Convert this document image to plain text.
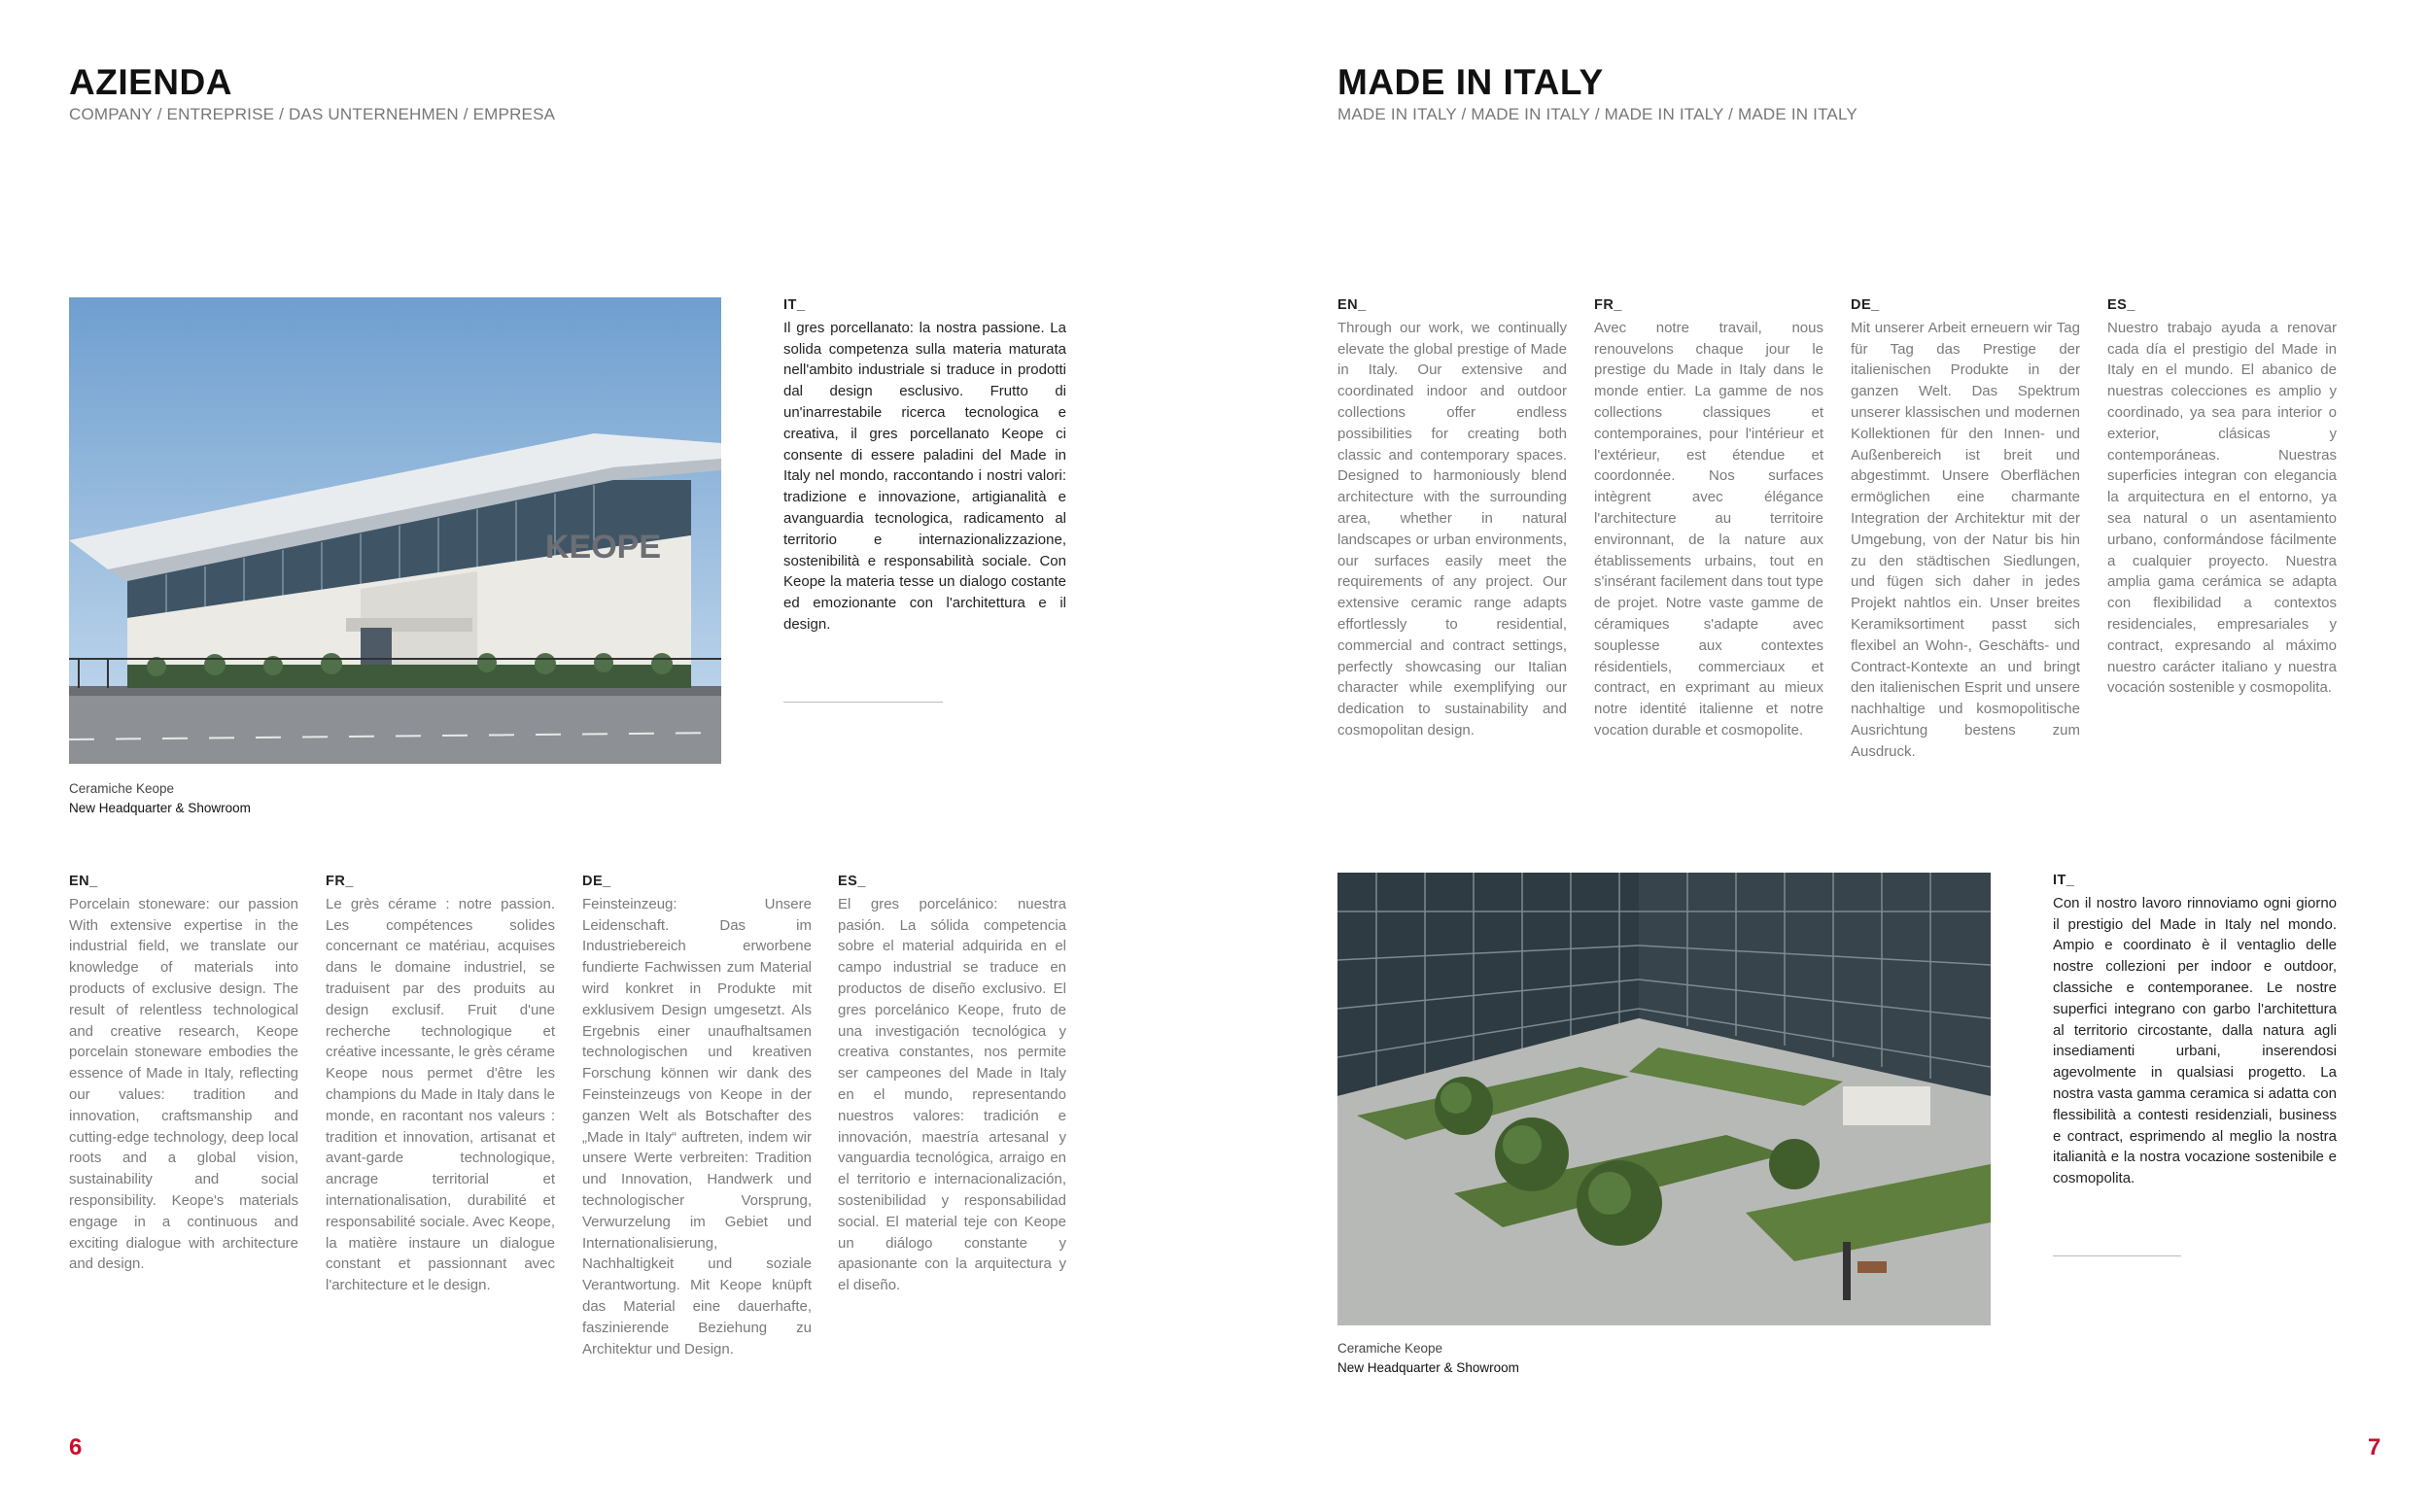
AZIENDA
COMPANY / ENTREPRISE / DAS UNTERNEHMEN / EMPRESA
KEOPE
Ceramiche Keope
New Headquarter & Showroom
IT_

Il gres porcellanato: la nostra passione. La solida competenza sulla materia maturata nell'ambito industriale si traduce in prodotti dal design esclusivo. Frutto di un'inarrestabile ricerca tecnologica e creativa, il gres porcellanato Keope ci consente di essere paladini del Made in Italy nel mondo, raccontando i nostri valori: tradizione e innovazione, artigianalità e avanguardia tecnologica, radicamento al territorio e internazionalizzazione, sostenibilità e responsabilità sociale. Con Keope la materia tesse un dialogo costante ed emozionante con l'architettura e il design.

EN_

Porcelain stoneware: our passion With extensive expertise in the industrial field, we translate our knowledge of materials into products of exclusive design. The result of relentless technological and creative research, Keope porcelain stoneware embodies the essence of Made in Italy, reflecting our values: tradition and innovation, craftsmanship and cutting-edge technology, deep local roots and a global vision, sustainability and social responsibility. Keope's materials engage in a continuous and exciting dialogue with architecture and design.

FR_

Le grès cérame : notre passion. Les compétences solides concernant ce matériau, acquises dans le domaine industriel, se traduisent par des produits au design exclusif. Fruit d'une recherche technologique et créative incessante, le grès cérame Keope nous permet d'être les champions du Made in Italy dans le monde, en racontant nos valeurs : tradition et innovation, artisanat et avant-garde technologique, ancrage territorial et internationalisation, durabilité et responsabilité sociale. Avec Keope, la matière instaure un dialogue constant et passionnant avec l'architecture et le design.

DE_

Feinsteinzeug: Unsere Leidenschaft. Das im Industriebereich erworbene fundierte Fachwissen zum Material wird konkret in Produkte mit exklusivem Design umgesetzt. Als Ergebnis einer unaufhaltsamen technologischen und kreativen Forschung können wir dank des Feinsteinzeugs von Keope in der ganzen Welt als Botschafter des „Made in Italy“ auftreten, indem wir unsere Werte verbreiten: Tradition und Innovation, Handwerk und technologischer Vorsprung, Verwurzelung im Gebiet und Internationalisierung, Nachhaltigkeit und soziale Verantwortung. Mit Keope knüpft das Material eine dauerhafte, faszinierende Beziehung zu Architektur und Design.

ES_

El gres porcelánico: nuestra pasión. La sólida competencia sobre el material adquirida en el campo industrial se traduce en productos de diseño exclusivo. El gres porcelánico Keope, fruto de una investigación tecnológica y creativa constantes, nos permite ser campeones del Made in Italy en el mundo, representando nuestros valores: tradición e innovación, maestría artesanal y vanguardia tecnológica, arraigo en el territorio e internacionalización, sostenibilidad y responsabilidad social. El material teje con Keope un diálogo constante y apasionante con la arquitectura y el diseño.

6
MADE IN ITALY
MADE IN ITALY / MADE IN ITALY / MADE IN ITALY / MADE IN ITALY
EN_

Through our work, we continually elevate the global prestige of Made in Italy. Our extensive and coordinated indoor and outdoor collections offer endless possibilities for creating both classic and contemporary spaces. Designed to harmoniously blend architecture with the surrounding area, whether in natural landscapes or urban environments, our surfaces easily meet the requirements of any project. Our extensive ceramic range adapts effortlessly to residential, commercial and contract settings, perfectly showcasing our Italian character while exemplifying our dedication to sustainability and cosmopolitan design.

FR_

Avec notre travail, nous renouvelons chaque jour le prestige du Made in Italy dans le monde entier. La gamme de nos collections classiques et contemporaines, pour l'intérieur et l'extérieur, est étendue et coordonnée. Nos surfaces intègrent avec élégance l'architecture au territoire environnant, de la nature aux établissements urbains, tout en s'insérant facilement dans tout type de projet. Notre vaste gamme de céramiques s'adapte avec souplesse aux contextes résidentiels, commerciaux et contract, en exprimant au mieux notre identité italienne et notre vocation durable et cosmopolite.

DE_

Mit unserer Arbeit erneuern wir Tag für Tag das Prestige der italienischen Produkte in der ganzen Welt. Das Spektrum unserer klassischen und modernen Kollektionen für den Innen- und Außenbereich ist breit und abgestimmt. Unsere Oberflächen ermöglichen eine charmante Integration der Architektur mit der Umgebung, von der Natur bis hin zu den städtischen Siedlungen, und fügen sich daher in jedes Projekt nahtlos ein. Unser breites Keramiksortiment passt sich flexibel an Wohn-, Geschäfts- und Contract-Kontexte an und bringt den italienischen Esprit und unsere nachhaltige und kosmopolitische Ausrichtung bestens zum Ausdruck.

ES_

Nuestro trabajo ayuda a renovar cada día el prestigio del Made in Italy en el mundo. El abanico de nuestras colecciones es amplio y coordinado, ya sea para interior o exterior, clásicas y contemporáneas. Nuestras superficies integran con elegancia la arquitectura en el entorno, ya sea natural o un asentamiento urbano, conformándose fácilmente a cualquier proyecto. Nuestra amplia gama cerámica se adapta con flexibilidad a contextos residenciales, empresariales y contract, expresando al máximo nuestro carácter italiano y nuestra vocación sostenible y cosmopolita.

Ceramiche Keope
New Headquarter & Showroom
IT_

Con il nostro lavoro rinnoviamo ogni giorno il prestigio del Made in Italy nel mondo. Ampio e coordinato è il ventaglio delle nostre collezioni per indoor e outdoor, classiche e contemporanee. Le nostre superfici integrano con garbo l'architettura al territorio circostante, dalla natura agli insediamenti urbani, inserendosi agevolmente in qualsiasi progetto. La nostra vasta gamma ceramica si adatta con flessibilità a contesti residenziali, business e contract, esprimendo al meglio la nostra italianità e la nostra vocazione sostenibile e cosmopolita.

7
